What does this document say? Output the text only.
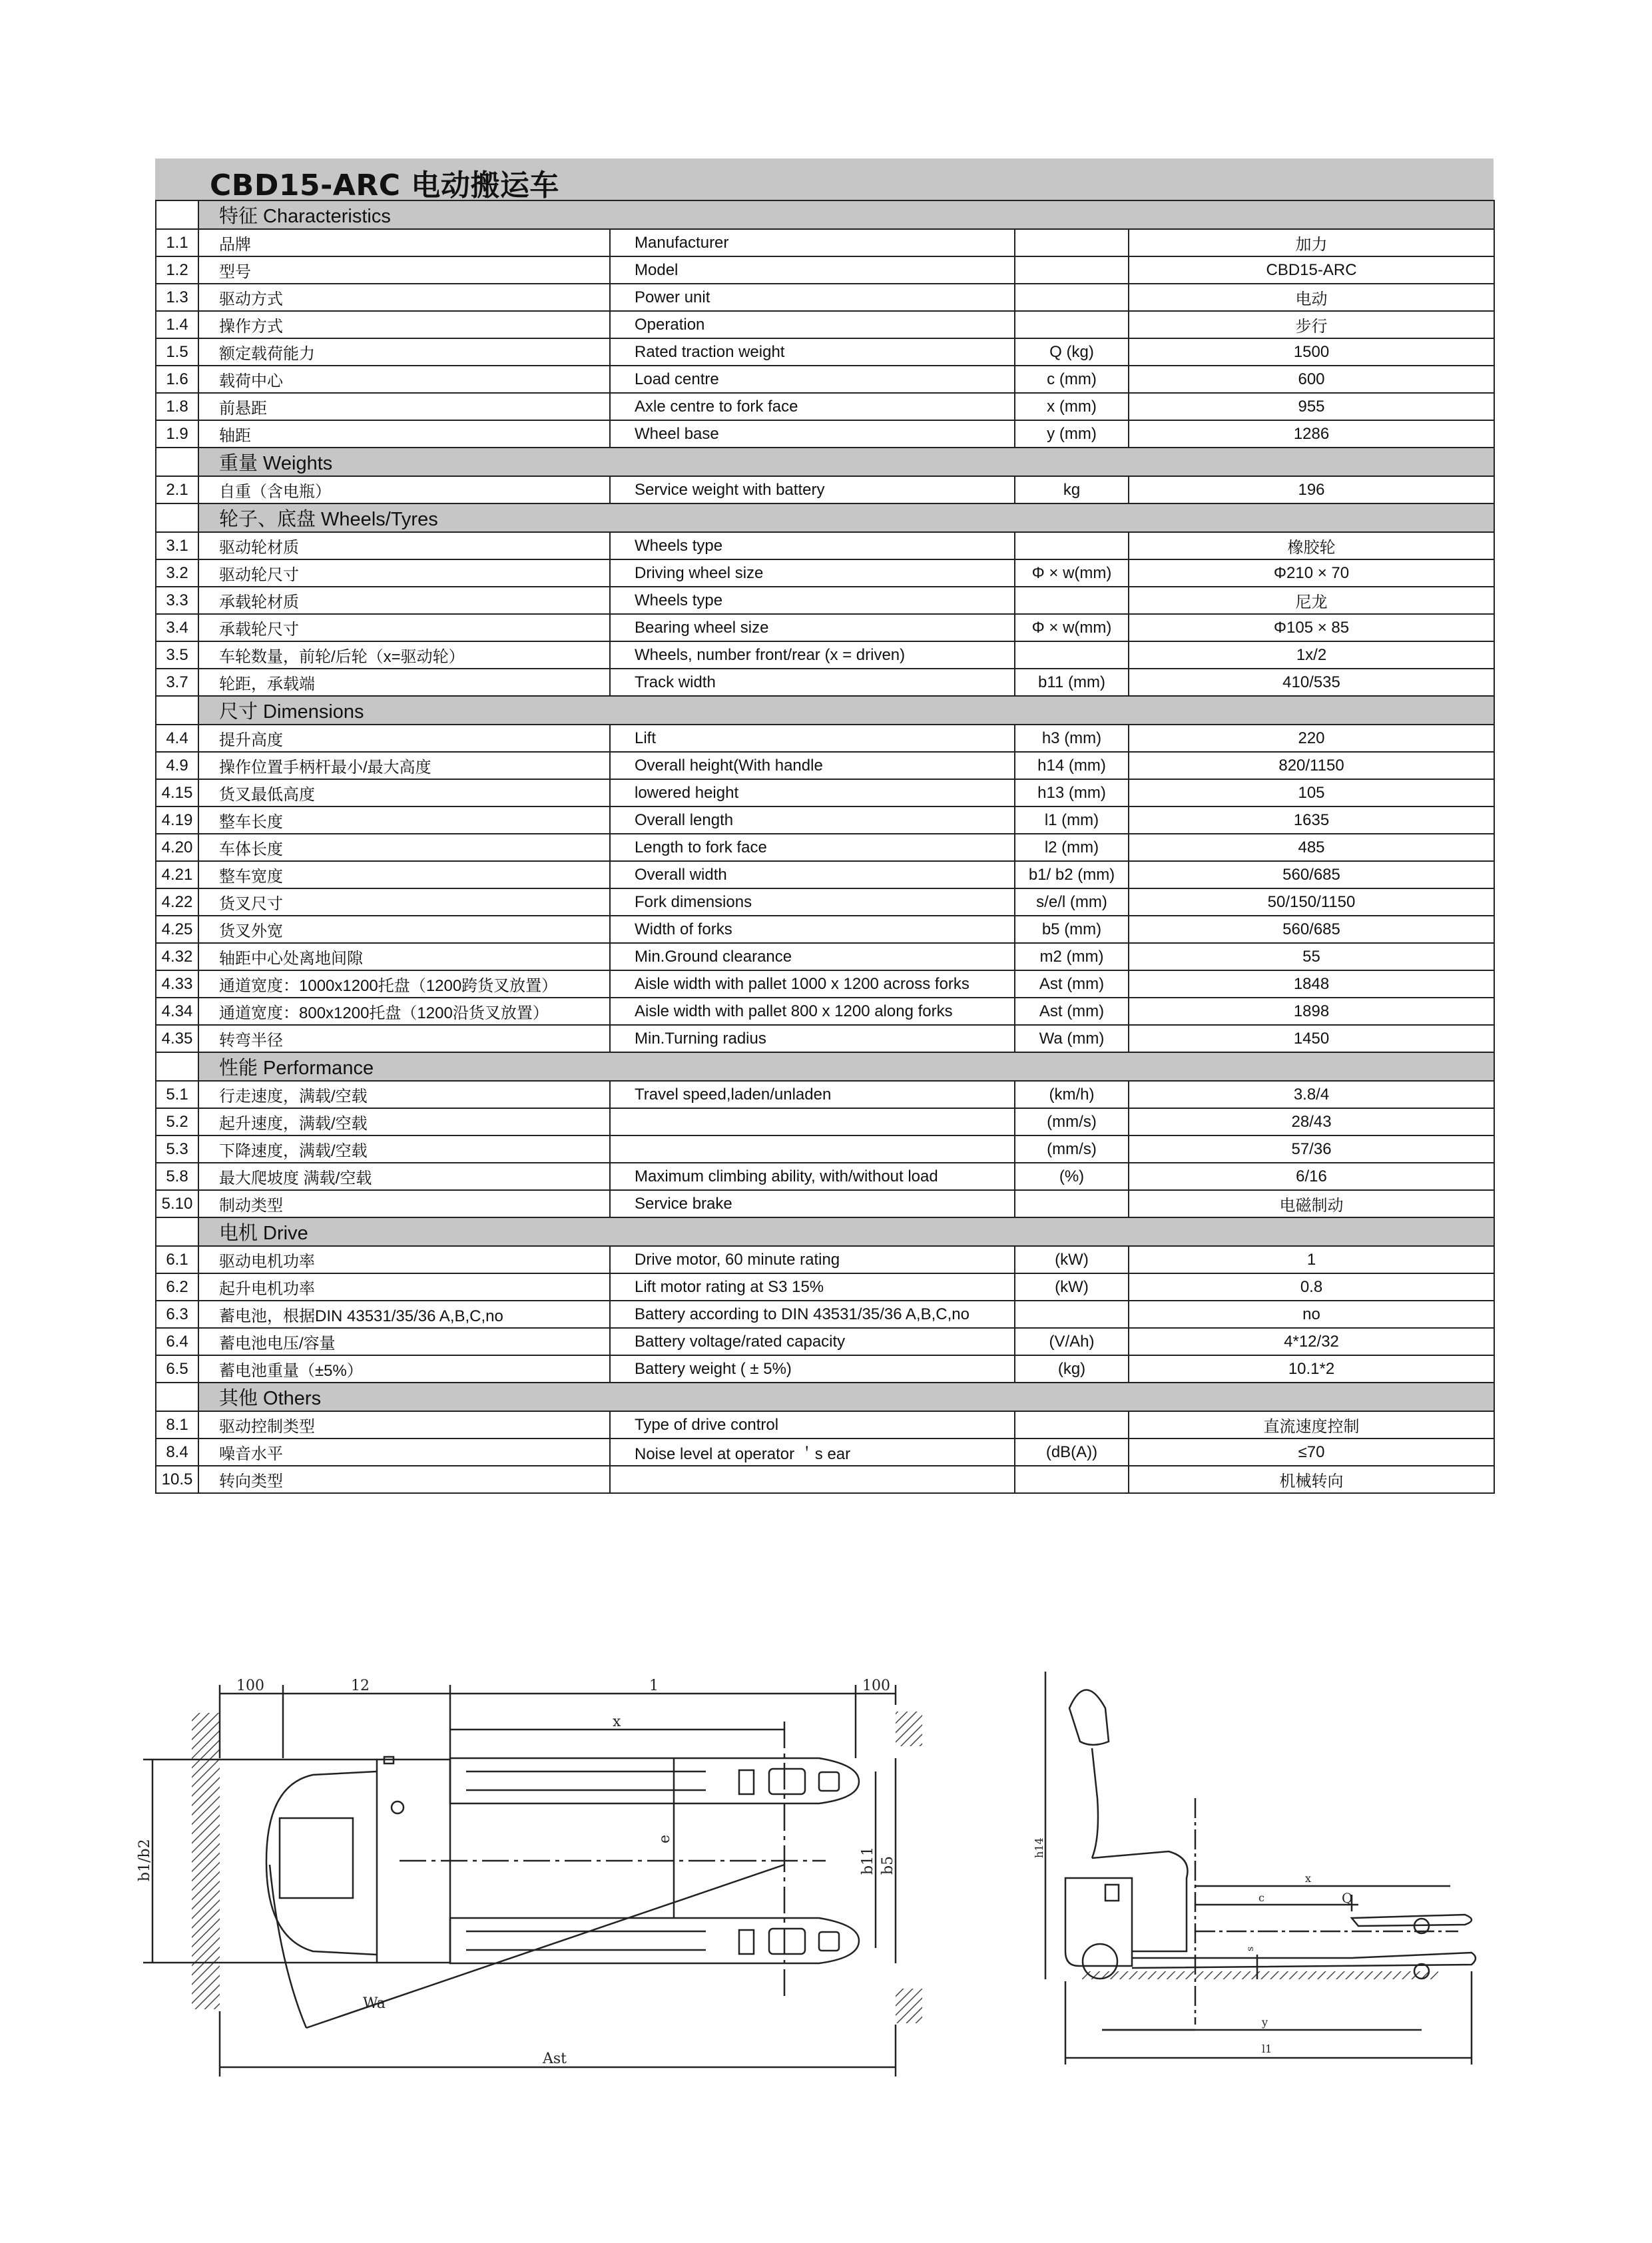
CBD15-ARC 电动搬运车
	特征 Characteristics			
1.1	品牌	Manufacturer		加力
1.2	型号	Model		CBD15-ARC
1.3	驱动方式	Power unit		电动
1.4	操作方式	Operation		步行
1.5	额定载荷能力	Rated traction weight	Q (kg)	1500
1.6	载荷中心	Load centre	c (mm)	600
1.8	前悬距	Axle centre to fork face	x (mm)	955
1.9	轴距	Wheel base	y (mm)	1286
	重量 Weights			
2.1	自重（含电瓶）	Service weight with battery	kg	196
	轮子、底盘 Wheels/Tyres			
3.1	驱动轮材质	Wheels type		橡胶轮
3.2	驱动轮尺寸	Driving wheel size	Φ × w(mm)	Φ210 × 70
3.3	承载轮材质	Wheels type		尼龙
3.4	承载轮尺寸	Bearing wheel size	Φ × w(mm)	Φ105 × 85
3.5	车轮数量，前轮/后轮（x=驱动轮）	Wheels, number front/rear (x = driven)		1x/2
3.7	轮距，承载端	Track width	b11 (mm)	410/535
	尺寸 Dimensions			
4.4	提升高度	Lift	h3 (mm)	220
4.9	操作位置手柄杆最小/最大高度	Overall height(With handle	h14 (mm)	820/1150
4.15	货叉最低高度	lowered height	h13 (mm)	105
4.19	整车长度	Overall length	l1 (mm)	1635
4.20	车体长度	Length to fork face	l2 (mm)	485
4.21	整车宽度	Overall width	b1/ b2 (mm)	560/685
4.22	货叉尺寸	Fork dimensions	s/e/l (mm)	50/150/1150
4.25	货叉外宽	Width of forks	b5 (mm)	560/685
4.32	轴距中心处离地间隙	Min.Ground clearance	m2 (mm)	55
4.33	通道宽度：1000x1200托盘（1200跨货叉放置）	Aisle width with pallet 1000 x 1200 across forks	Ast (mm)	1848
4.34	通道宽度：800x1200托盘（1200沿货叉放置）	Aisle width with pallet 800 x 1200 along forks	Ast (mm)	1898
4.35	转弯半径	Min.Turning radius	Wa (mm)	1450
	性能 Performance			
5.1	行走速度，满载/空载	Travel speed,laden/unladen	(km/h)	3.8/4
5.2	起升速度，满载/空载		(mm/s)	28/43
5.3	下降速度，满载/空载		(mm/s)	57/36
5.8	最大爬坡度 满载/空载	Maximum climbing ability, with/without load	(%)	6/16
5.10	制动类型	Service brake		电磁制动
	电机 Drive			
6.1	驱动电机功率	Drive motor, 60 minute rating	(kW)	1
6.2	起升电机功率	Lift motor rating at S3 15%	(kW)	0.8
6.3	蓄电池，根据DIN 43531/35/36 A,B,C,no	Battery according to DIN 43531/35/36 A,B,C,no		no
6.4	蓄电池电压/容量	Battery voltage/rated capacity	(V/Ah)	4*12/32
6.5	蓄电池重量（±5%）	Battery weight ( ± 5%)	(kg)	10.1*2
	其他 Others			
8.1	驱动控制类型	Type of drive control		直流速度控制
8.4	噪音水平	Noise level at operator ＇s ear	(dB(A))	≤70
10.5	转向类型			机械转向
100	12	1	100
x
e
b11 b5
b1/b2
Wa
Ast
h14
x
Q
c
s
y
l1
